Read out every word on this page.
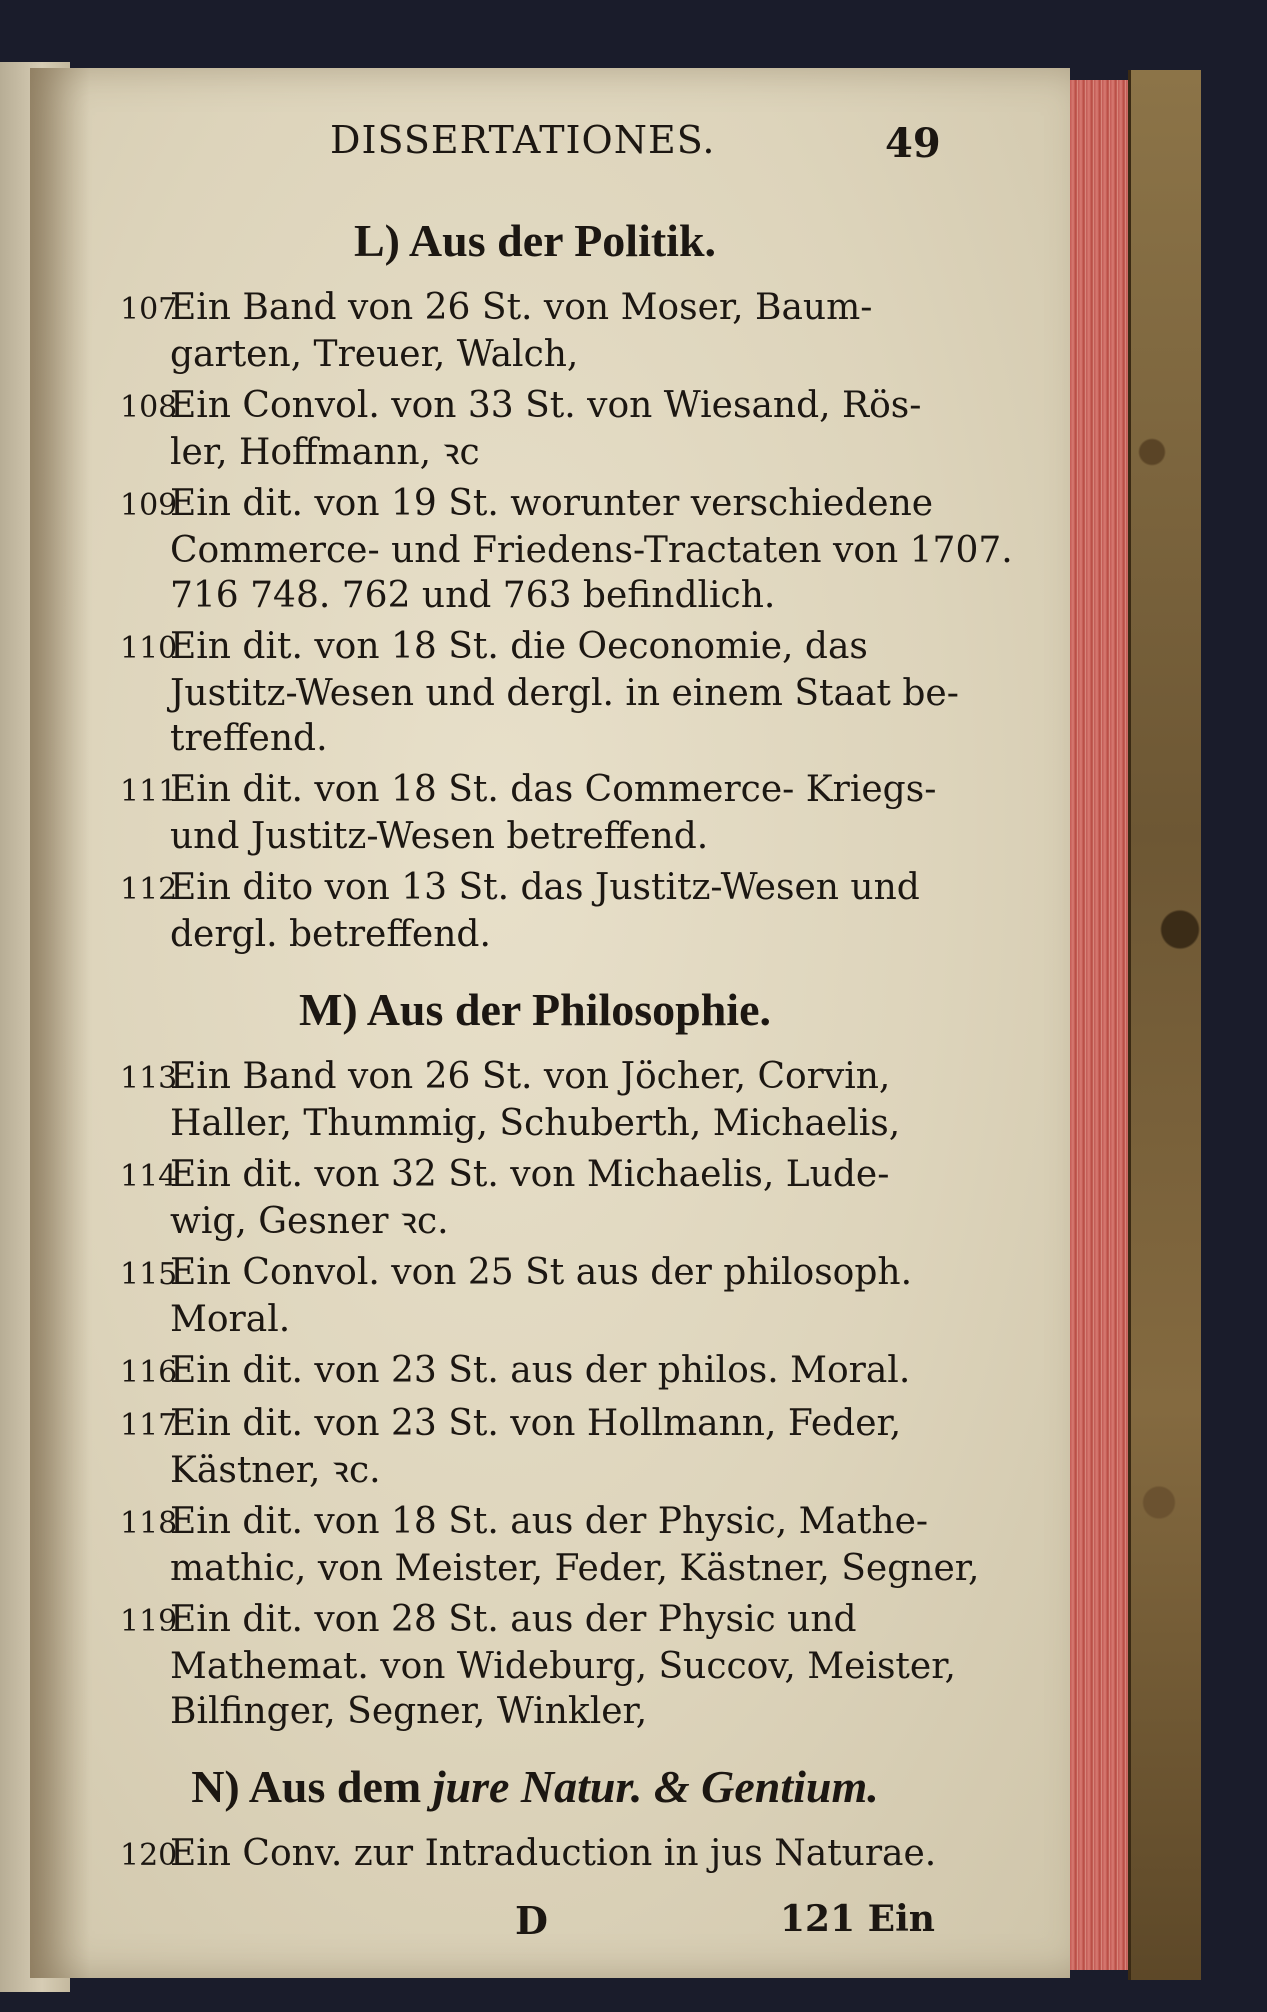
DISSERTATIONES.	49
L) Aus der Politik.
107Ein Band von 26 St. von Moser, Baum-
garten, Treuer, Walch,
108Ein Convol. von 33 St. von Wiesand, Rös-
ler, Hoffmann, ꝛc
109Ein dit. von 19 St. worunter verschiedene
Commerce- und Friedens-Tractaten von 1707.
716 748. 762 und 763 befindlich.
110Ein dit. von 18 St. die Oeconomie, das
Justitz-Wesen und dergl. in einem Staat be-
treffend.
111Ein dit. von 18 St. das Commerce- Kriegs-
und Justitz-Wesen betreffend.
112Ein dito von 13 St. das Justitz-Wesen und
dergl. betreffend.
M) Aus der Philosophie.
113Ein Band von 26 St. von Jöcher, Corvin,
Haller, Thummig, Schuberth, Michaelis,
114Ein dit. von 32 St. von Michaelis, Lude-
wig, Gesner ꝛc.
115Ein Convol. von 25 St aus der philosoph.
Moral.
116Ein dit. von 23 St. aus der philos. Moral.
117Ein dit. von 23 St. von Hollmann, Feder,
Kästner, ꝛc.
118Ein dit. von 18 St. aus der Physic, Mathe-
mathic, von Meister, Feder, Kästner, Segner,
119Ein dit. von 28 St. aus der Physic und
Mathemat. von Wideburg, Succov, Meister,
Bilfinger, Segner, Winkler,
N) Aus dem jure Natur. & Gentium.
120Ein Conv. zur Intraduction in jus Naturae.
D	121 Ein
